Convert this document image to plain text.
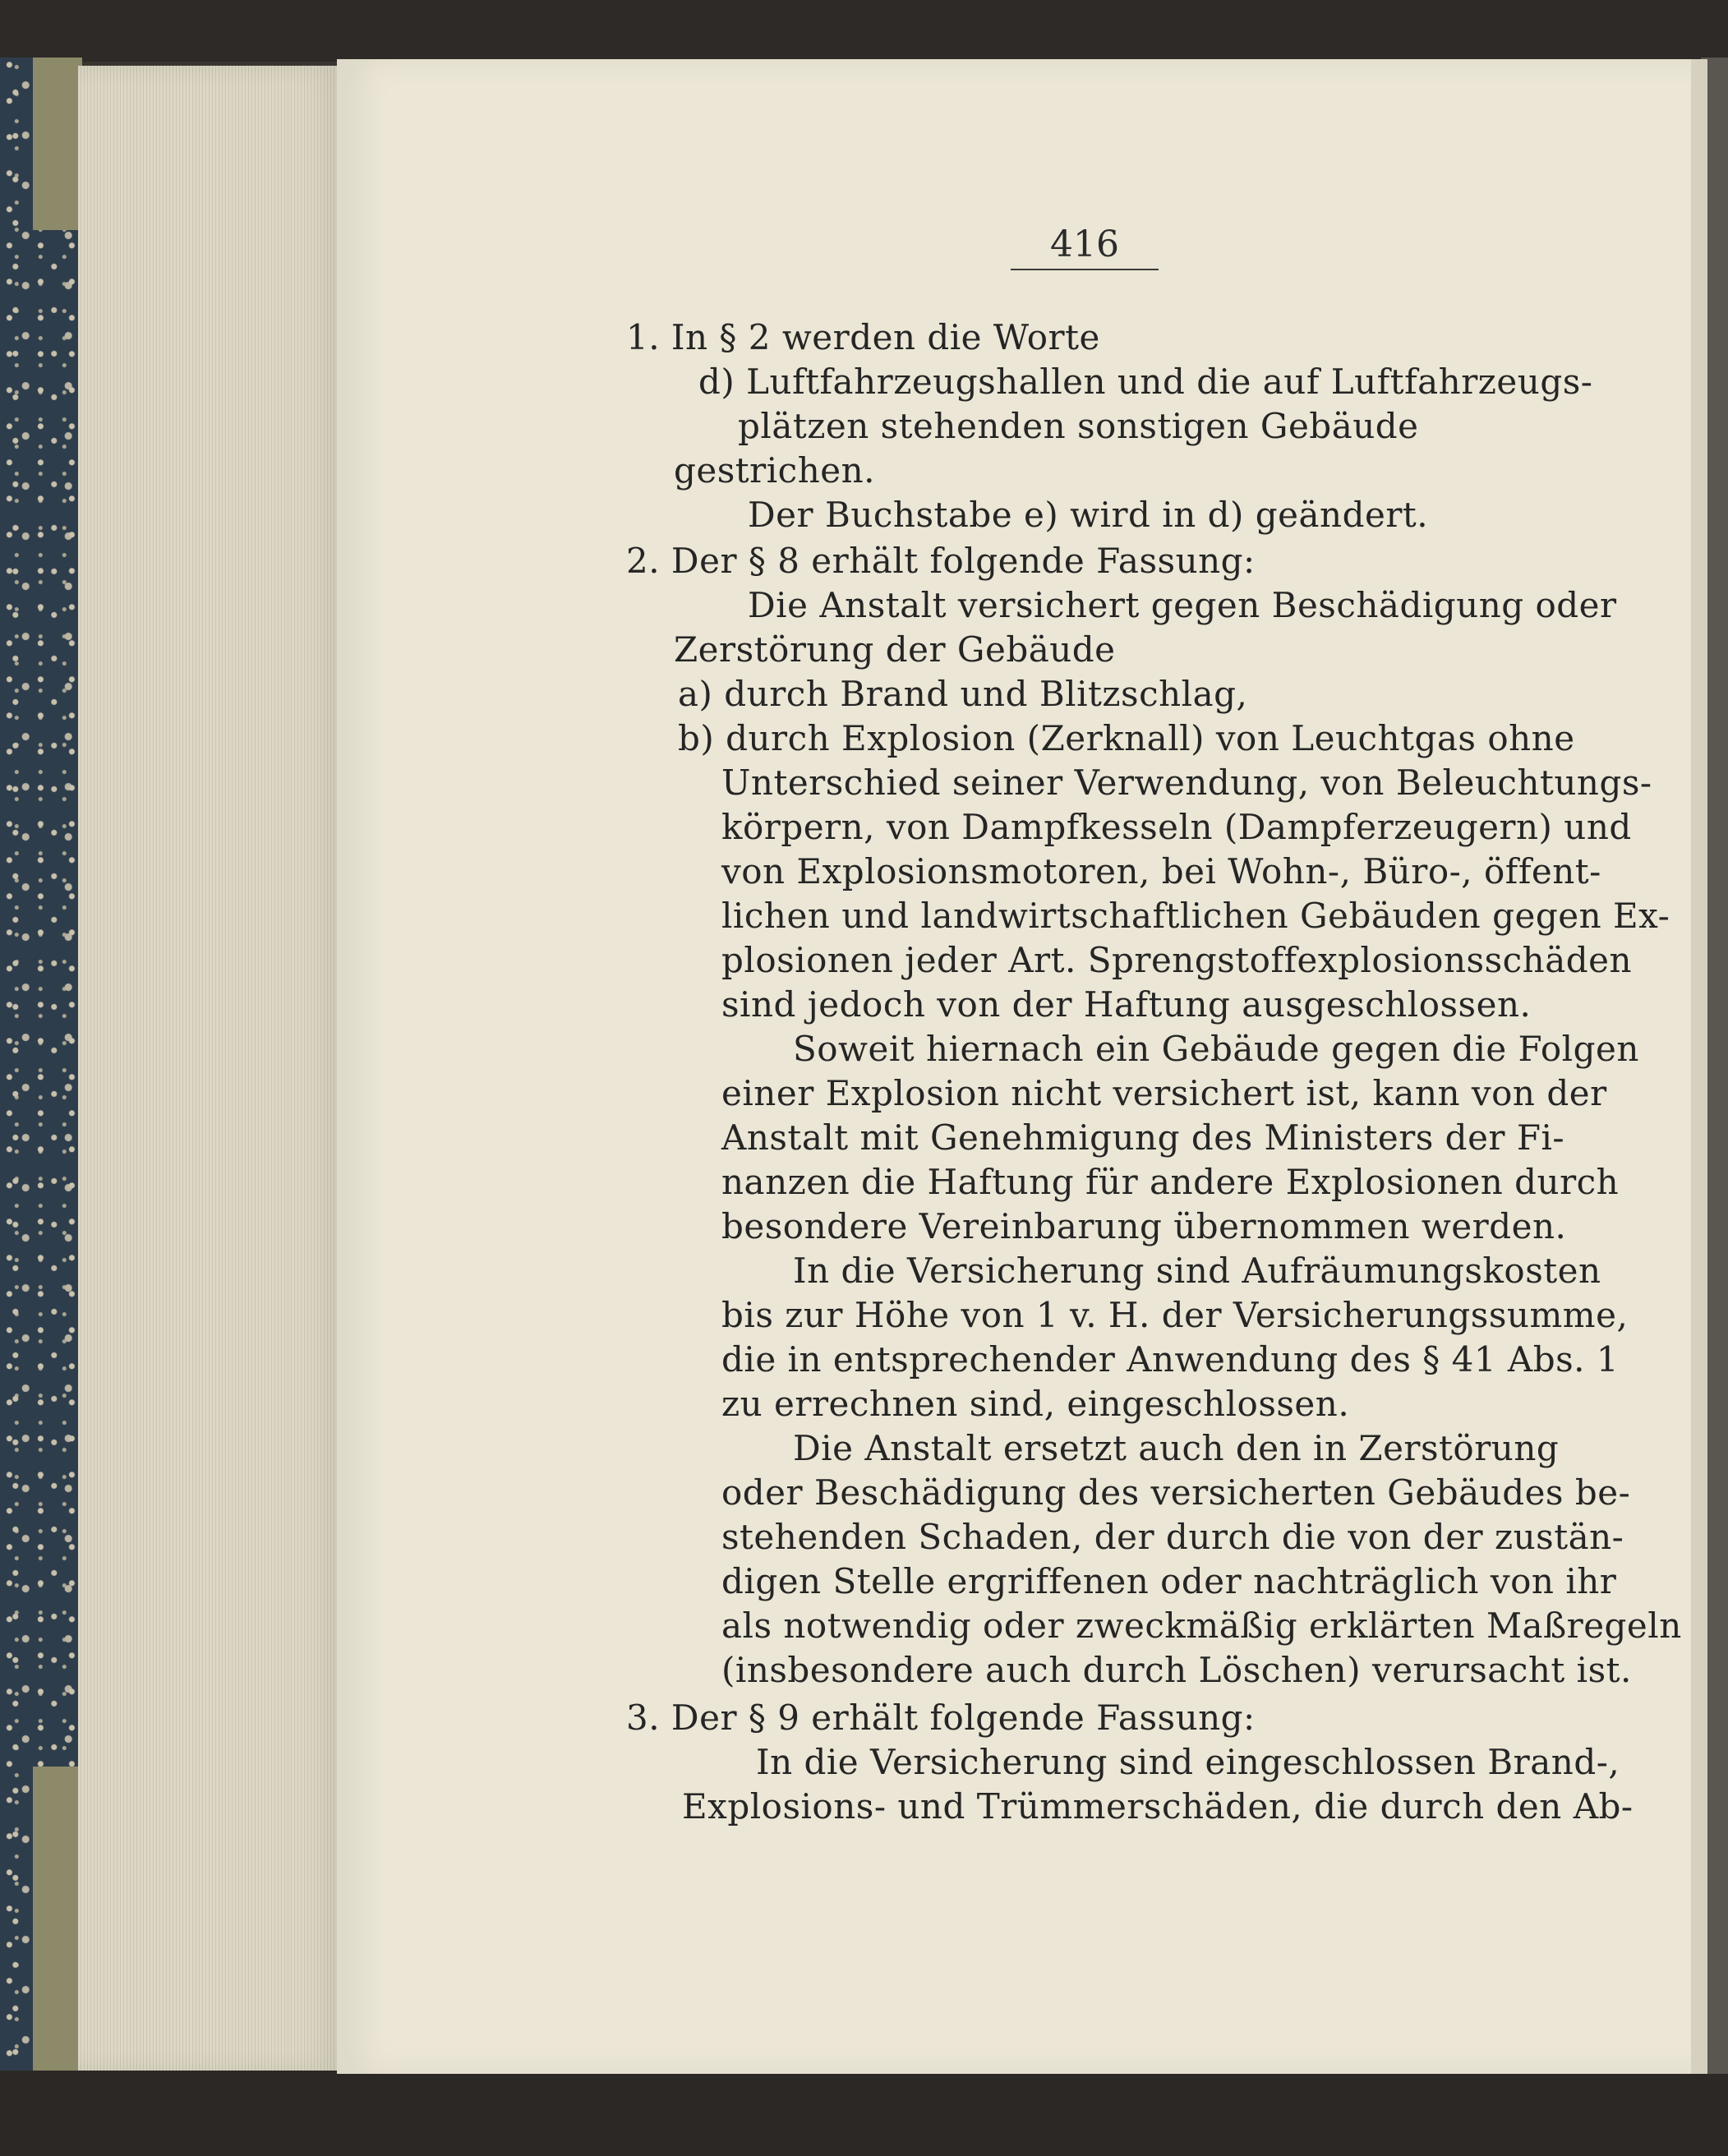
416
1. In § 2 werden die Worte
d) Luftfahrzeugshallen und die auf Luftfahrzeugs-
plätzen stehenden sonstigen Gebäude
gestrichen.
Der Buchstabe e) wird in d) geändert.
2. Der § 8 erhält folgende Fassung:
Die Anstalt versichert gegen Beschädigung oder
Zerstörung der Gebäude
a) durch Brand und Blitzschlag,
b) durch Explosion (Zerknall) von Leuchtgas ohne
Unterschied seiner Verwendung, von Beleuchtungs-
körpern, von Dampfkesseln (Dampferzeugern) und
von Explosionsmotoren, bei Wohn-, Büro-, öffent-
lichen und landwirtschaftlichen Gebäuden gegen Ex-
plosionen jeder Art. Sprengstoffexplosionsschäden
sind jedoch von der Haftung ausgeschlossen.
Soweit hiernach ein Gebäude gegen die Folgen
einer Explosion nicht versichert ist, kann von der
Anstalt mit Genehmigung des Ministers der Fi-
nanzen die Haftung für andere Explosionen durch
besondere Vereinbarung übernommen werden.
In die Versicherung sind Aufräumungskosten
bis zur Höhe von 1 v. H. der Versicherungssumme,
die in entsprechender Anwendung des § 41 Abs. 1
zu errechnen sind, eingeschlossen.
Die Anstalt ersetzt auch den in Zerstörung
oder Beschädigung des versicherten Gebäudes be-
stehenden Schaden, der durch die von der zustän-
digen Stelle ergriffenen oder nachträglich von ihr
als notwendig oder zweckmäßig erklärten Maßregeln
(insbesondere auch durch Löschen) verursacht ist.
3. Der § 9 erhält folgende Fassung:
In die Versicherung sind eingeschlossen Brand-,
Explosions- und Trümmerschäden, die durch den Ab-
